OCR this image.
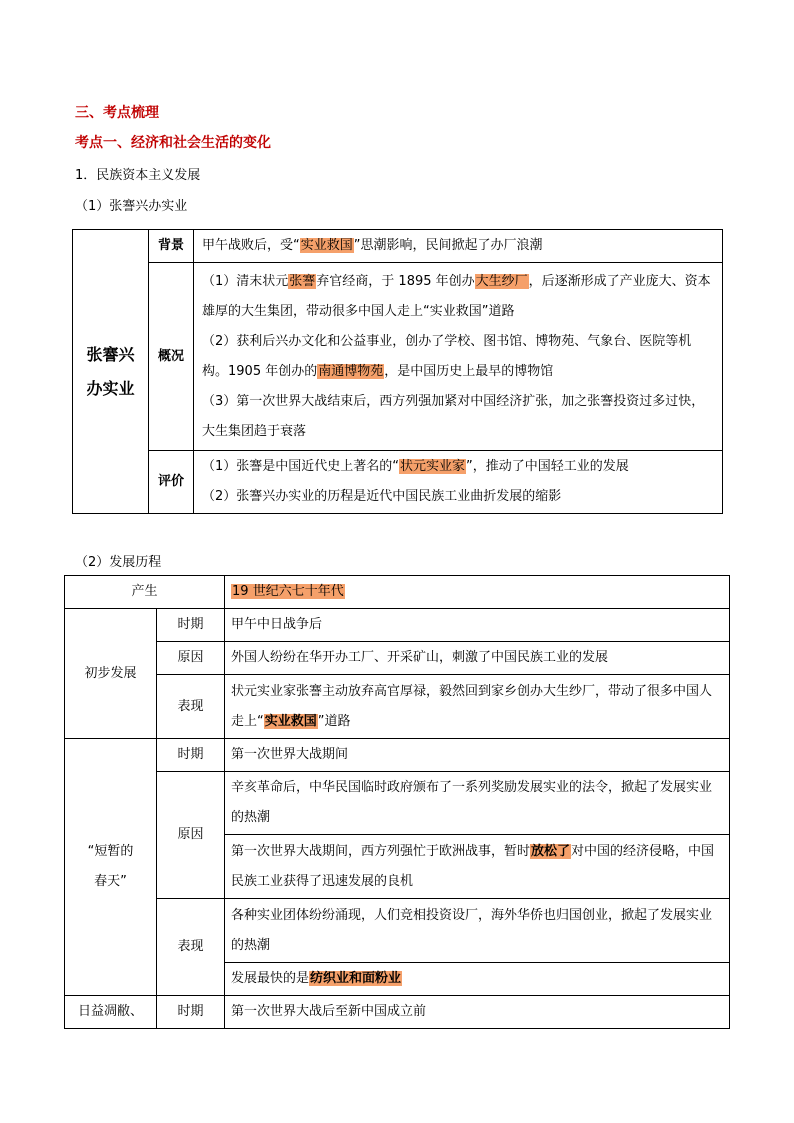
三、考点梳理
考点一、经济和社会生活的变化
1．民族资本主义发展
（1）张謇兴办实业
张謇兴
办实业	背景	甲午战败后，受“实业救国”思潮影响，民间掀起了办厂浪潮
	概况	（1）清末状元张謇弃官经商，于 1895 年创办大生纱厂，后逐渐形成了产业庞大、资本雄厚的大生集团，带动很多中国人走上“实业救国”道路
（2）获利后兴办文化和公益事业，创办了学校、图书馆、博物苑、气象台、医院等机构。1905 年创办的南通博物苑，是中国历史上最早的博物馆
（3）第一次世界大战结束后，西方列强加紧对中国经济扩张，加之张謇投资过多过快，大生集团趋于衰落

	评价	（1）张謇是中国近代史上著名的“状元实业家”，推动了中国轻工业的发展
（2）张謇兴办实业的历程是近代中国民族工业曲折发展的缩影
（2）发展历程
产生		19 世纪六七十年代
初步发展	时期	甲午中日战争后
	原因	外国人纷纷在华开办工厂、开采矿山，刺激了中国民族工业的发展
	表现	状元实业家张謇主动放弃高官厚禄，毅然回到家乡创办大生纱厂，带动了很多中国人走上“实业救国”道路

“短暂的
春天”	时期	第一次世界大战期间
	原因	辛亥革命后，中华民国临时政府颁布了一系列奖励发展实业的法令，掀起了发展实业的热潮
		第一次世界大战期间，西方列强忙于欧洲战事，暂时放松了对中国的经济侵略，中国民族工业获得了迅速发展的良机
	表现	各种实业团体纷纷涌现，人们竞相投资设厂，海外华侨也归国创业，掀起了发展实业的热潮
		发展最快的是纺织业和面粉业
日益凋敝、	时期	第一次世界大战后至新中国成立前
